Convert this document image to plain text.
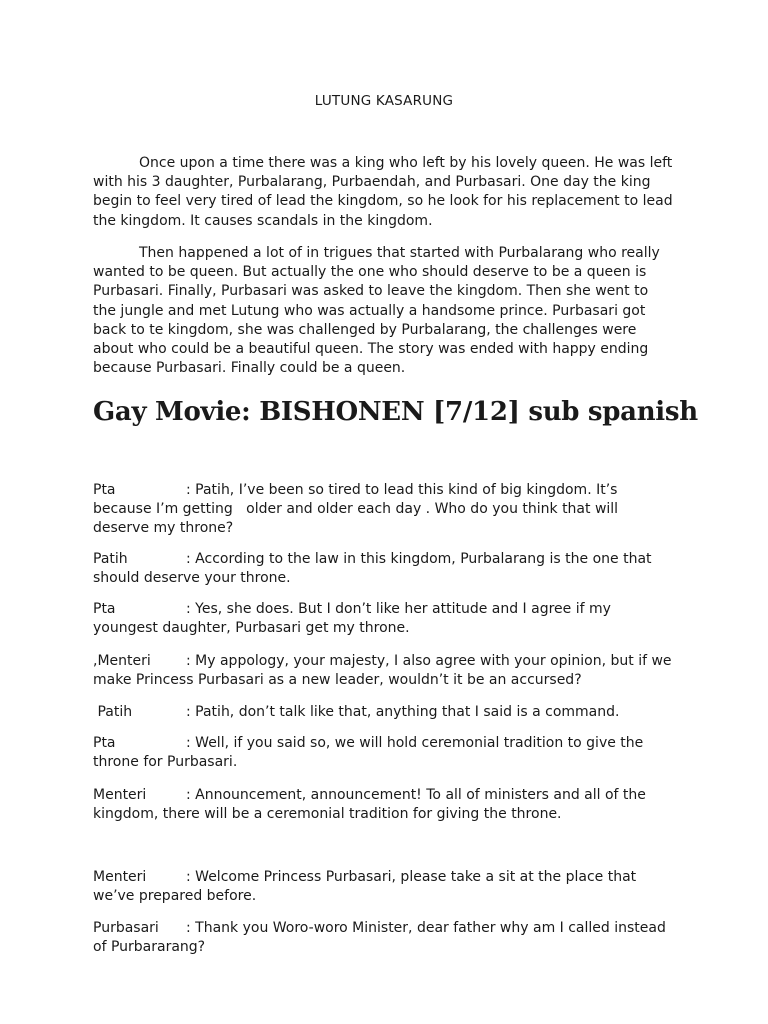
LUTUNG KASARUNG

Once upon a time there was a king who left by his lovely queen. He was left with his 3 daughter, Purbalarang, Purbaendah, and Purbasari. One day the king begin to feel very tired of lead the kingdom, so he look for his replacement to lead the kingdom. It causes scandals in the kingdom.

Then happened a lot of in trigues that started with Purbalarang who really wanted to be queen. But actually the one who should deserve to be a queen is Purbasari. Finally, Purbasari was asked to leave the kingdom. Then she went to the jungle and met Lutung who was actually a handsome prince. Purbasari got back to te kingdom, she was challenged by Purbalarang, the challenges were about who could be a beautiful queen. The story was ended with happy ending because Purbasari. Finally could be a queen.

Gay Movie: BISHONEN [7/12] sub spanish
Pta	: Patih, I’ve been so tired to lead this kind of big kingdom. It’s because I’m getting   older and older each day . Who do you think that will deserve my throne?
Patih	: According to the law in this kingdom, Purbalarang is the one that should deserve your throne.
Pta	: Yes, she does. But I don’t like her attitude and I agree if my youngest daughter, Purbasari get my throne.
,Menteri	: My appology, your majesty, I also agree with your opinion, but if we make Princess Purbasari as a new leader, wouldn’t it be an accursed?
Patih	: Patih, don’t talk like that, anything that I said is a command.
Pta	: Well, if you said so, we will hold ceremonial tradition to give the throne for Purbasari.
Menteri	: Announcement, announcement! To all of ministers and all of the kingdom, there will be a ceremonial tradition for giving the throne.
Menteri	: Welcome Princess Purbasari, please take a sit at the place that we’ve prepared before.
Purbasari : Thank you Woro-woro Minister, dear father why am I called instead of Purbararang?
